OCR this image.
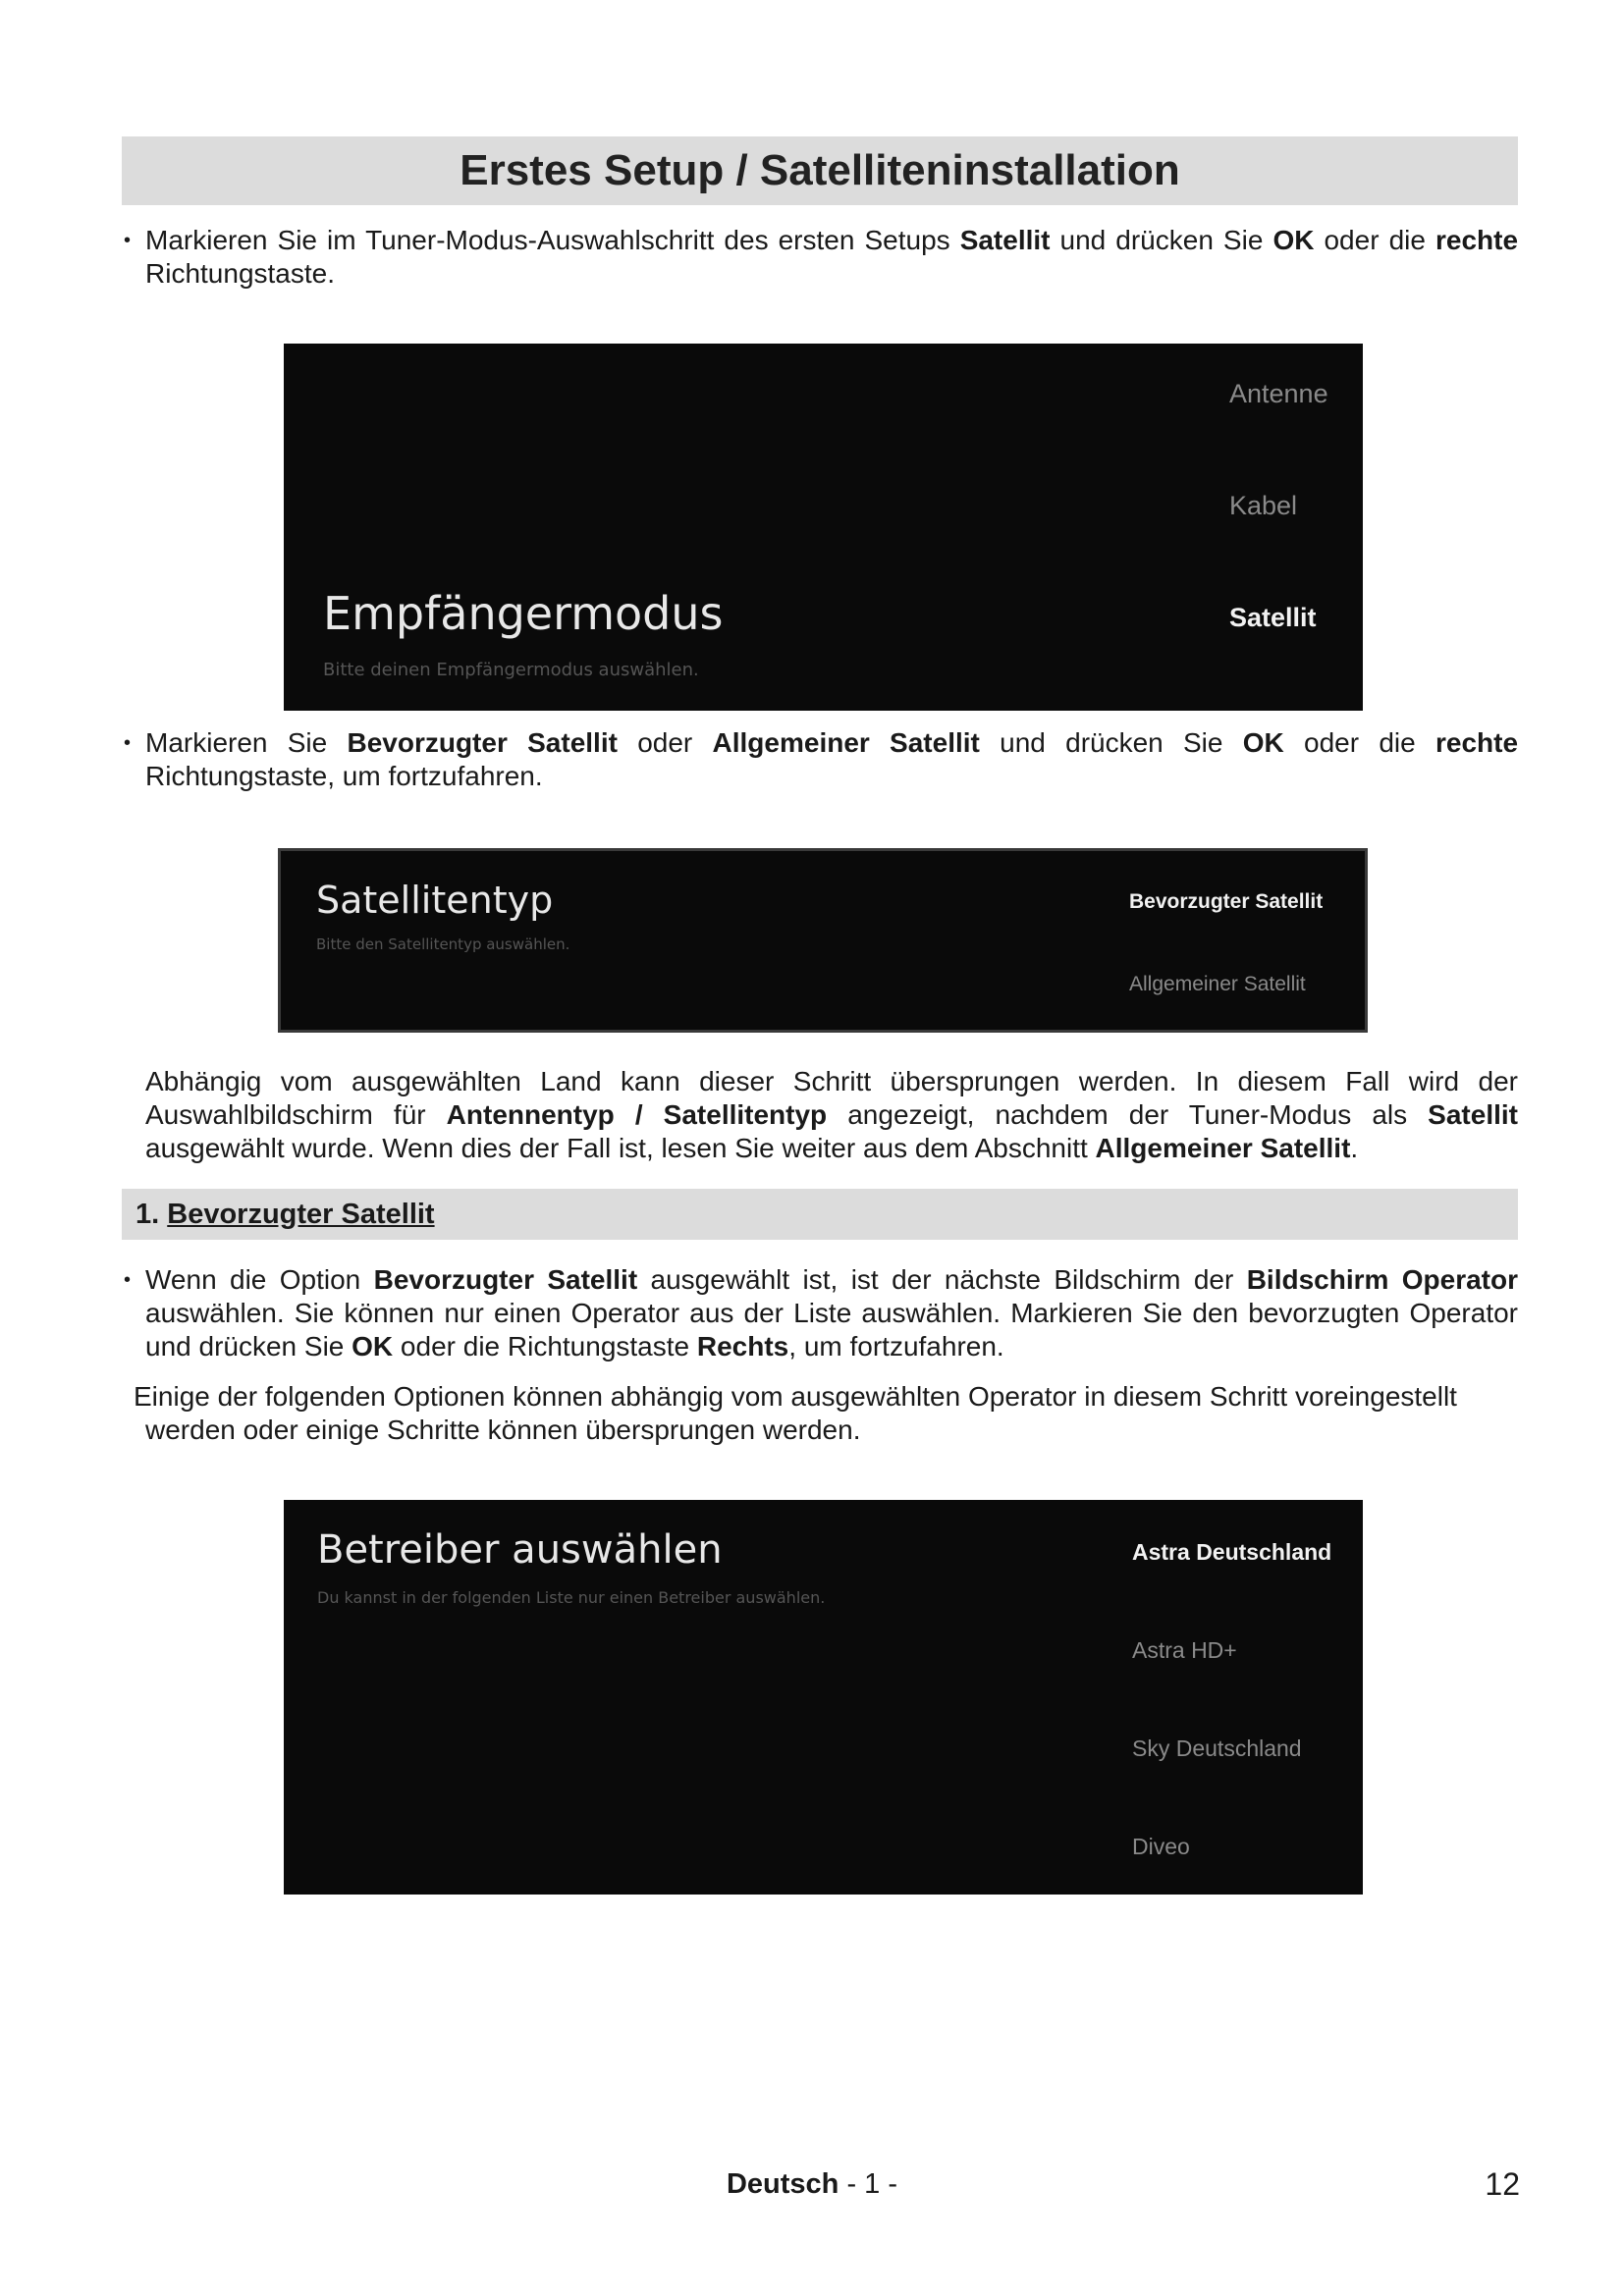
Erstes Setup / Satelliteninstallation
• Markieren Sie im Tuner-Modus-Auswahlschritt des ersten Setups Satellit und drücken Sie OK oder die rechte Richtungstaste.
Antenne
Kabel
Satellit
Empfängermodus
Bitte deinen Empfängermodus auswählen.
• Markieren Sie Bevorzugter Satellit oder Allgemeiner Satellit und drücken Sie OK oder die rechte Richtungstaste, um fortzufahren.
Satellitentyp
Bitte den Satellitentyp auswählen.
Bevorzugter Satellit
Allgemeiner Satellit
Abhängig vom ausgewählten Land kann dieser Schritt übersprungen werden. In diesem Fall wird der Auswahlbildschirm für Antennentyp / Satellitentyp angezeigt, nachdem der Tuner-Modus als Satellit ausgewählt wurde. Wenn dies der Fall ist, lesen Sie weiter aus dem Abschnitt Allgemeiner Satellit.
1. Bevorzugter Satellit
• Wenn die Option Bevorzugter Satellit ausgewählt ist, ist der nächste Bildschirm der Bildschirm Operator auswählen. Sie können nur einen Operator aus der Liste auswählen. Markieren Sie den bevorzugten Operator und drücken Sie OK oder die Richtungstaste Rechts, um fortzufahren.
Einige der folgenden Optionen können abhängig vom ausgewählten Operator in diesem Schritt voreingestellt
werden oder einige Schritte können übersprungen werden.
Betreiber auswählen
Du kannst in der folgenden Liste nur einen Betreiber auswählen.
Astra Deutschland
Astra HD+
Sky Deutschland
Diveo
Deutsch - 1 -	12
